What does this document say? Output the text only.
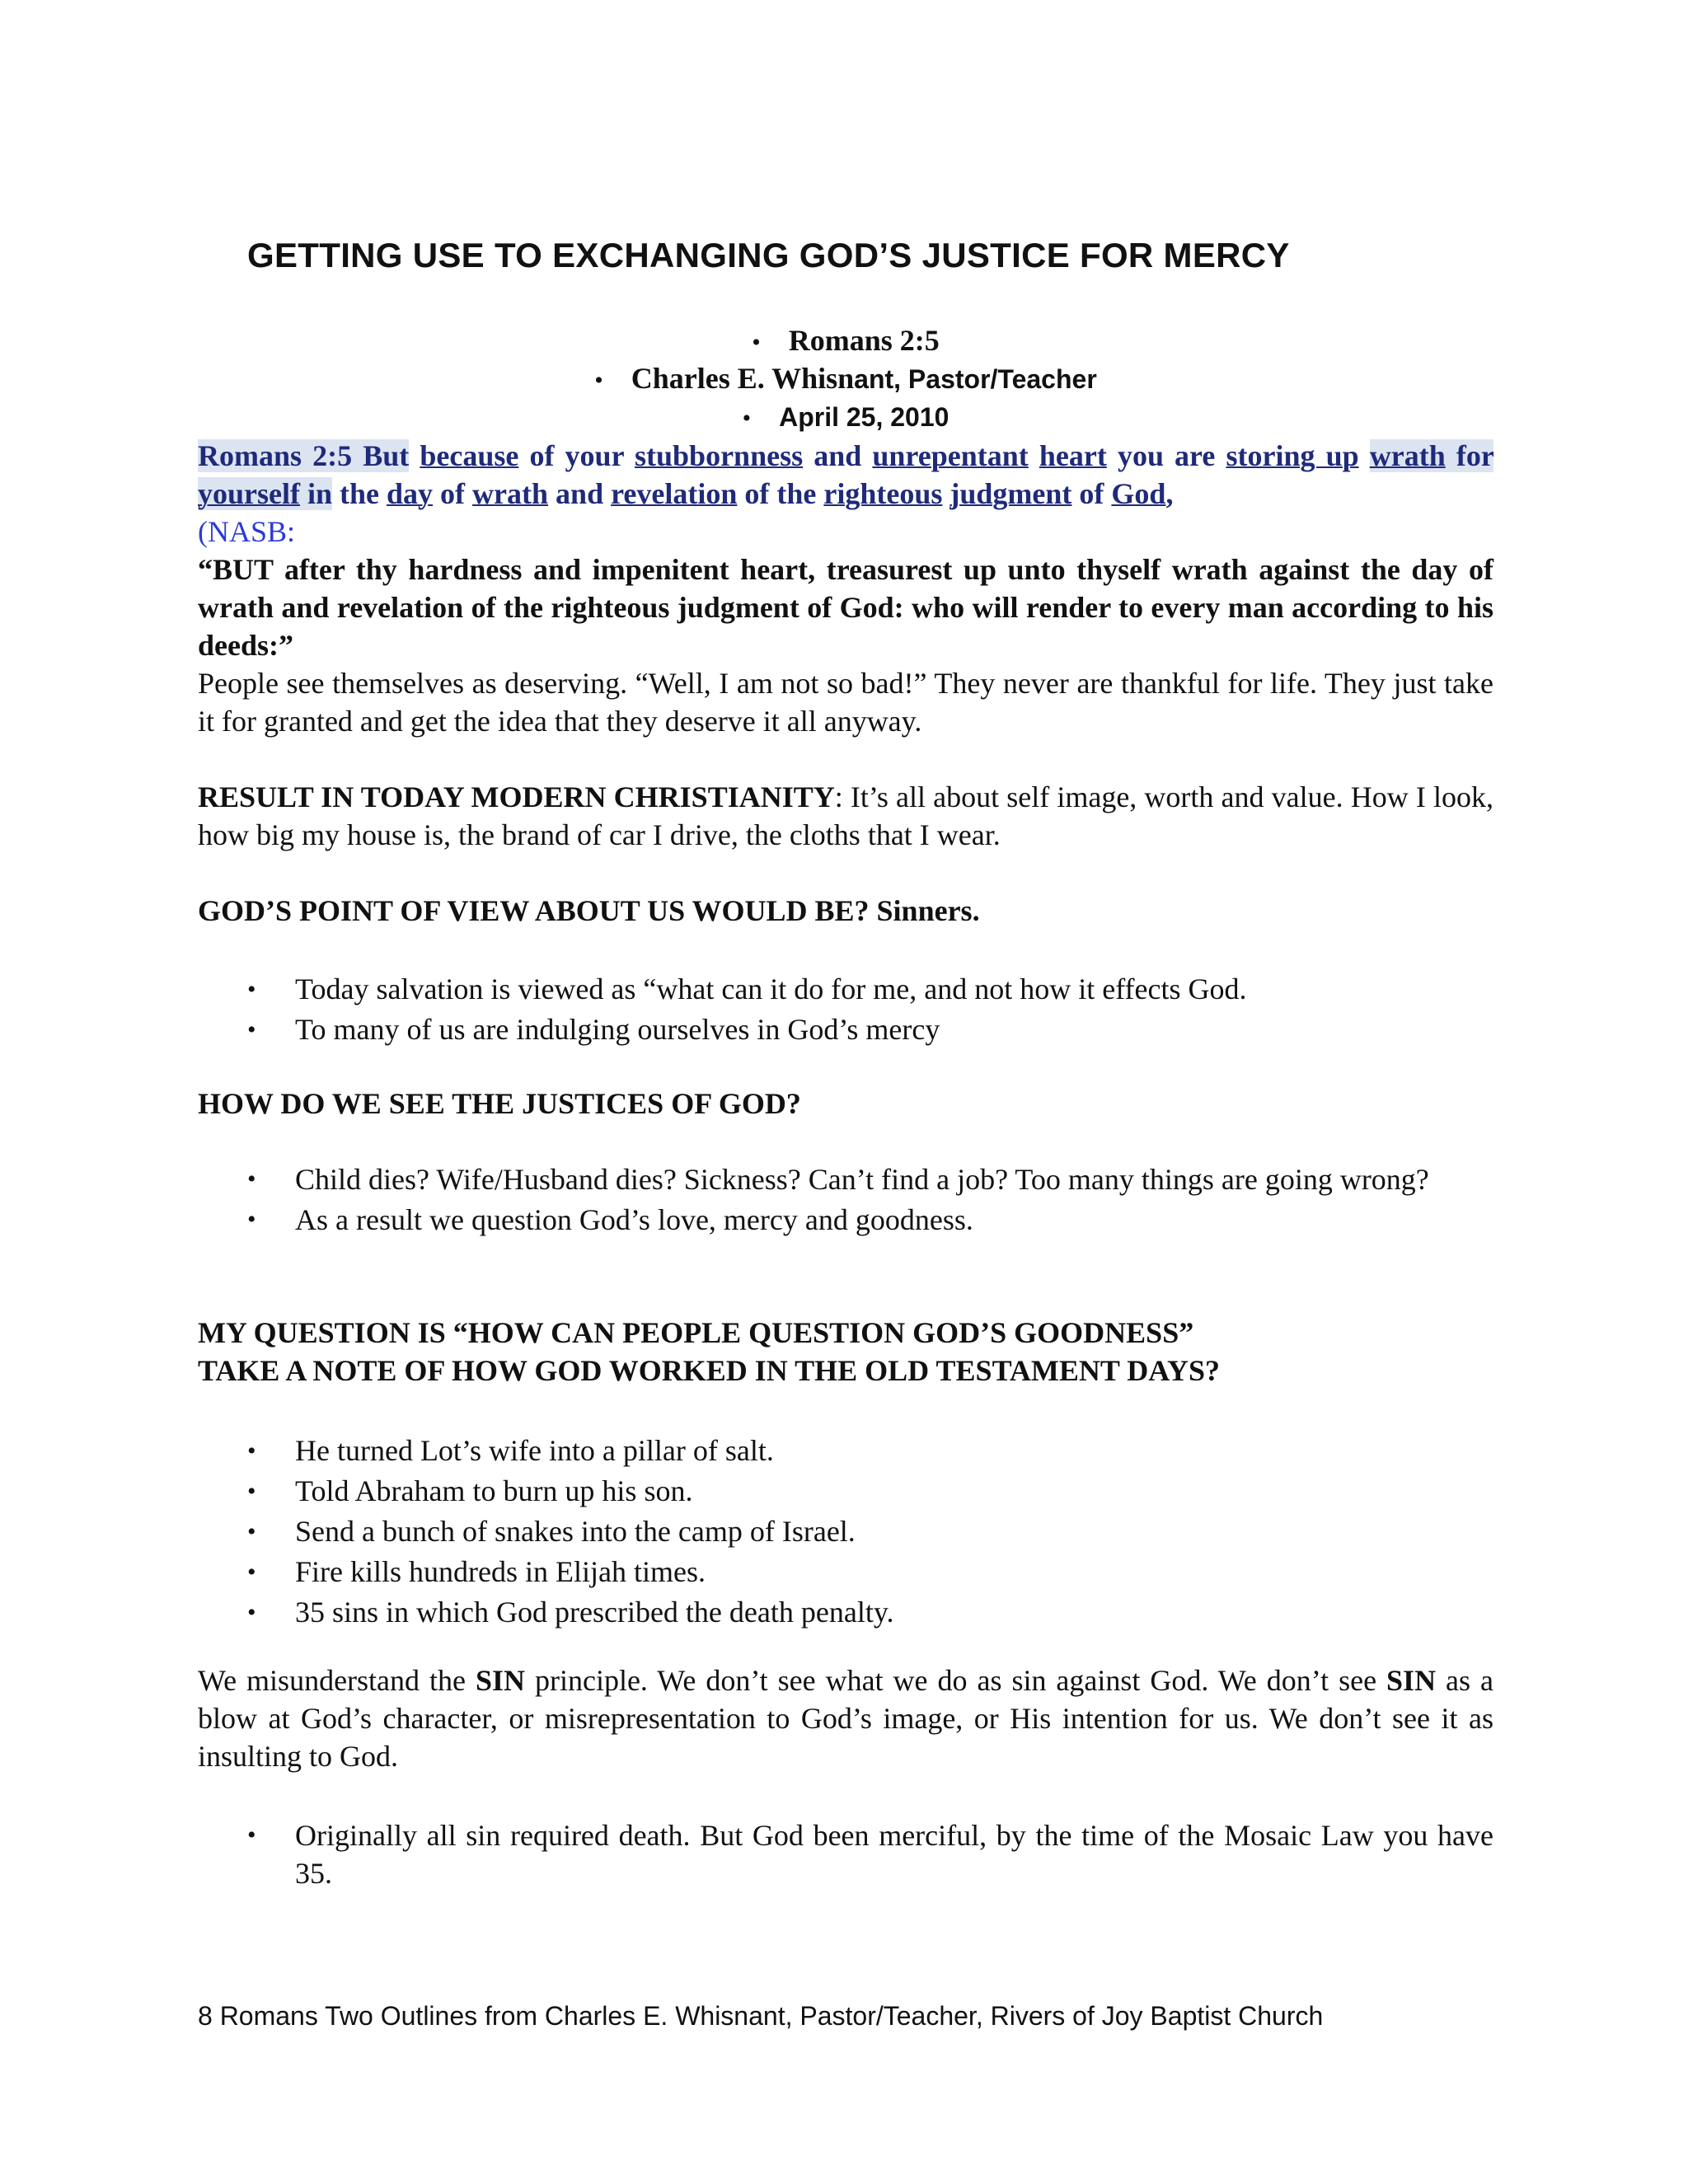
GETTING USE TO EXCHANGING GOD’S JUSTICE FOR MERCY
• Romans 2:5
• Charles E. Whisnant, Pastor/Teacher
• April 25, 2010
Romans 2:5 But because of your stubbornness and unrepentant heart you are storing up wrath for yourself in the day of wrath and revelation of the righteous judgment of God,
(NASB:
“BUT after thy hardness and impenitent heart, treasurest up unto thyself wrath against the day of wrath and revelation of the righteous judgment of God: who will render to every man according to his deeds:”
People see themselves as deserving. “Well, I am not so bad!” They never are thankful for life. They just take it for granted and get the idea that they deserve it all anyway.
RESULT IN TODAY MODERN CHRISTIANITY: It’s all about self image, worth and value. How I look, how big my house is, the brand of car I drive, the cloths that I wear.
GOD’S POINT OF VIEW ABOUT US WOULD BE? Sinners.
• Today salvation is viewed as “what can it do for me, and not how it effects God.
• To many of us are indulging ourselves in God’s mercy
HOW DO WE SEE THE JUSTICES OF GOD?
• Child dies? Wife/Husband dies? Sickness? Can’t find a job? Too many things are going wrong?
• As a result we question God’s love, mercy and goodness.
MY QUESTION IS “HOW CAN PEOPLE QUESTION GOD’S GOODNESS”
TAKE A NOTE OF HOW GOD WORKED IN THE OLD TESTAMENT DAYS?
• He turned Lot’s wife into a pillar of salt.
• Told Abraham to burn up his son.
• Send a bunch of snakes into the camp of Israel.
• Fire kills hundreds in Elijah times.
• 35 sins in which God prescribed the death penalty.
We misunderstand the SIN principle. We don’t see what we do as sin against God. We don’t see SIN as a blow at God’s character, or misrepresentation to God’s image, or His intention for us. We don’t see it as insulting to God.
• Originally all sin required death. But God been merciful, by the time of the Mosaic Law you have 35.
8 Romans Two Outlines from Charles E. Whisnant, Pastor/Teacher, Rivers of Joy Baptist Church
